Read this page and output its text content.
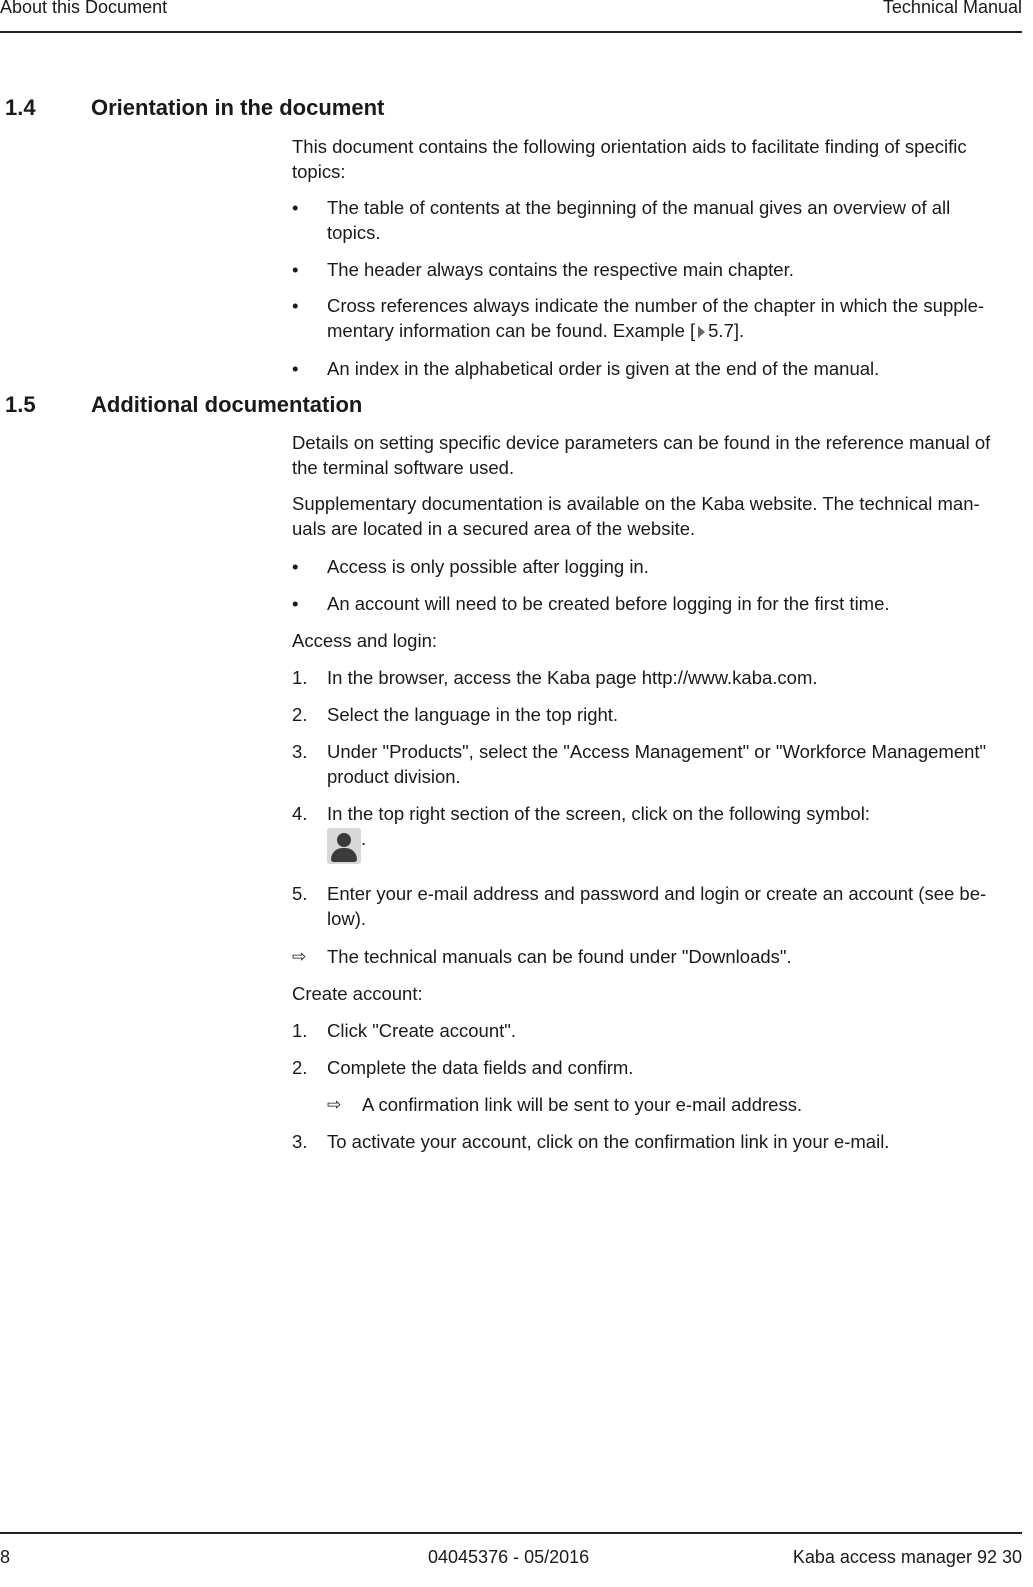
About this Document	Technical Manual
1.4	Orientation in the document
This document contains the following orientation aids to facilitate finding of specific
topics:
• The table of contents at the beginning of the manual gives an overview of all
topics.
• The header always contains the respective main chapter.
• Cross references always indicate the number of the chapter in which the supple-
mentary information can be found. Example [ 5.7].
• An index in the alphabetical order is given at the end of the manual.
1.5	Additional documentation
Details on setting specific device parameters can be found in the reference manual of
the terminal software used.
Supplementary documentation is available on the Kaba website. The technical man-
uals are located in a secured area of the website.
• Access is only possible after logging in.
• An account will need to be created before logging in for the first time.
Access and login:
1. In the browser, access the Kaba page http://www.kaba.com.
2. Select the language in the top right.
3. Under "Products", select the "Access Management" or "Workforce Management"
product division.
4. In the top right section of the screen, click on the following symbol:

.
5. Enter your e-mail address and password and login or create an account (see be-
low).
⇨ The technical manuals can be found under "Downloads".
Create account:
1. Click "Create account".
2. Complete the data fields and confirm.
⇨ A confirmation link will be sent to your e-mail address.
3. To activate your account, click on the confirmation link in your e-mail.
8	04045376 - 05/2016	Kaba access manager 92 30
